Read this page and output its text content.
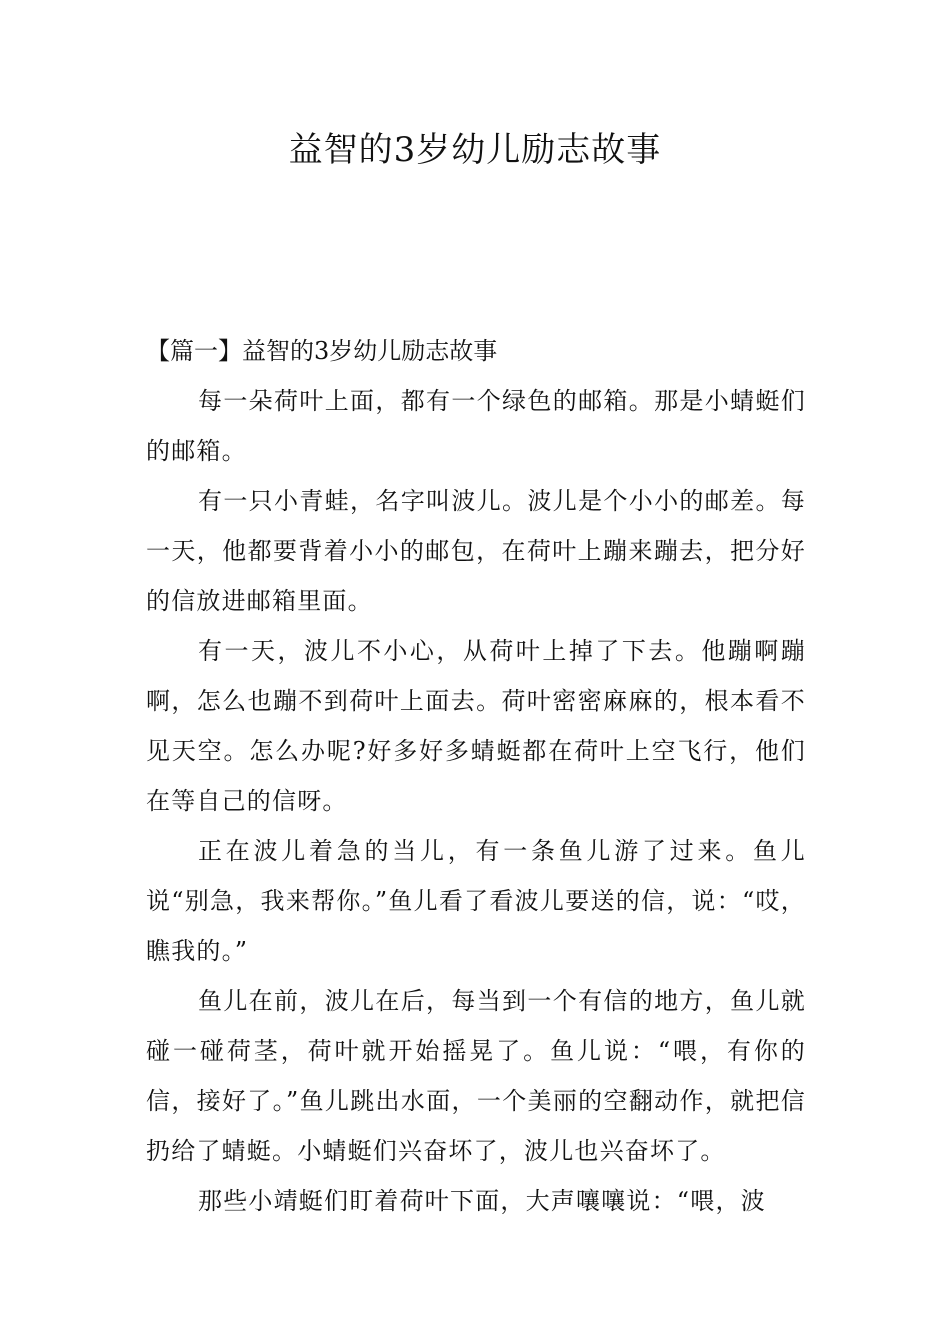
益智的3岁幼儿励志故事

【篇一】益智的3岁幼儿励志故事

每一朵荷叶上面，都有一个绿色的邮箱。那是小蜻蜓们的邮箱。

有一只小青蛙，名字叫波儿。波儿是个小小的邮差。每一天，他都要背着小小的邮包，在荷叶上蹦来蹦去，把分好的信放进邮箱里面。

有一天，波儿不小心，从荷叶上掉了下去。他蹦啊蹦啊，怎么也蹦不到荷叶上面去。荷叶密密麻麻的，根本看不见天空。怎么办呢?好多好多蜻蜓都在荷叶上空飞行，他们在等自己的信呀。

正在波儿着急的当儿，有一条鱼儿游了过来。鱼儿说“别急，我来帮你。”鱼儿看了看波儿要送的信，说：“哎，瞧我的。”

鱼儿在前，波儿在后，每当到一个有信的地方，鱼儿就碰一碰荷茎，荷叶就开始摇晃了。鱼儿说：“喂，有你的信，接好了。”鱼儿跳出水面，一个美丽的空翻动作，就把信扔给了蜻蜓。小蜻蜓们兴奋坏了，波儿也兴奋坏了。

那些小靖蜓们盯着荷叶下面，大声嚷嚷说：“喂，波
